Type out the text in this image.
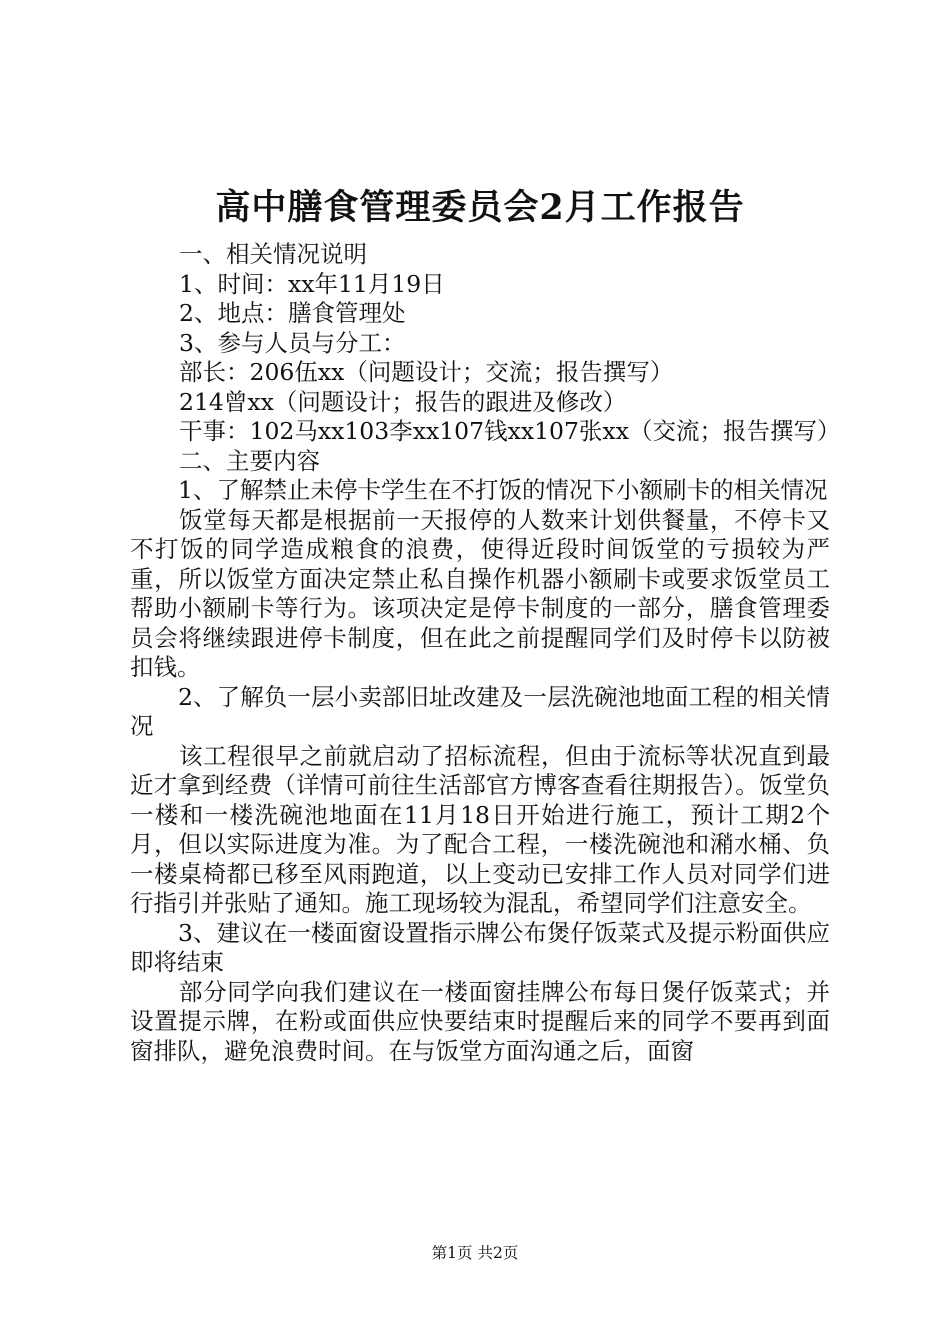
高中膳食管理委员会2月工作报告
一、相关情况说明
1、时间：xx年11月19日
2、地点：膳食管理处
3、参与人员与分工：
部长：206伍xx（问题设计；交流；报告撰写）
214曾xx（问题设计；报告的跟进及修改）
干事：102马xx103李xx107钱xx107张xx（交流；报告撰写）
二、主要内容
1、了解禁止未停卡学生在不打饭的情况下小额刷卡的相关情况
饭堂每天都是根据前一天报停的人数来计划供餐量，不停卡又不打饭的同学造成粮食的浪费，使得近段时间饭堂的亏损较为严重，所以饭堂方面决定禁止私自操作机器小额刷卡或要求饭堂员工帮助小额刷卡等行为。该项决定是停卡制度的一部分，膳食管理委员会将继续跟进停卡制度，但在此之前提醒同学们及时停卡以防被扣钱。
2、了解负一层小卖部旧址改建及一层洗碗池地面工程的相关情况
该工程很早之前就启动了招标流程，但由于流标等状况直到最近才拿到经费（详情可前往生活部官方博客查看往期报告）。饭堂负一楼和一楼洗碗池地面在11月18日开始进行施工，预计工期2个月，但以实际进度为准。为了配合工程，一楼洗碗池和潲水桶、负一楼桌椅都已移至风雨跑道，以上变动已安排工作人员对同学们进行指引并张贴了通知。施工现场较为混乱，希望同学们注意安全。
3、建议在一楼面窗设置指示牌公布煲仔饭菜式及提示粉面供应即将结束
部分同学向我们建议在一楼面窗挂牌公布每日煲仔饭菜式；并设置提示牌，在粉或面供应快要结束时提醒后来的同学不要再到面窗排队，避免浪费时间。在与饭堂方面沟通之后，面窗
第1页 共2页
